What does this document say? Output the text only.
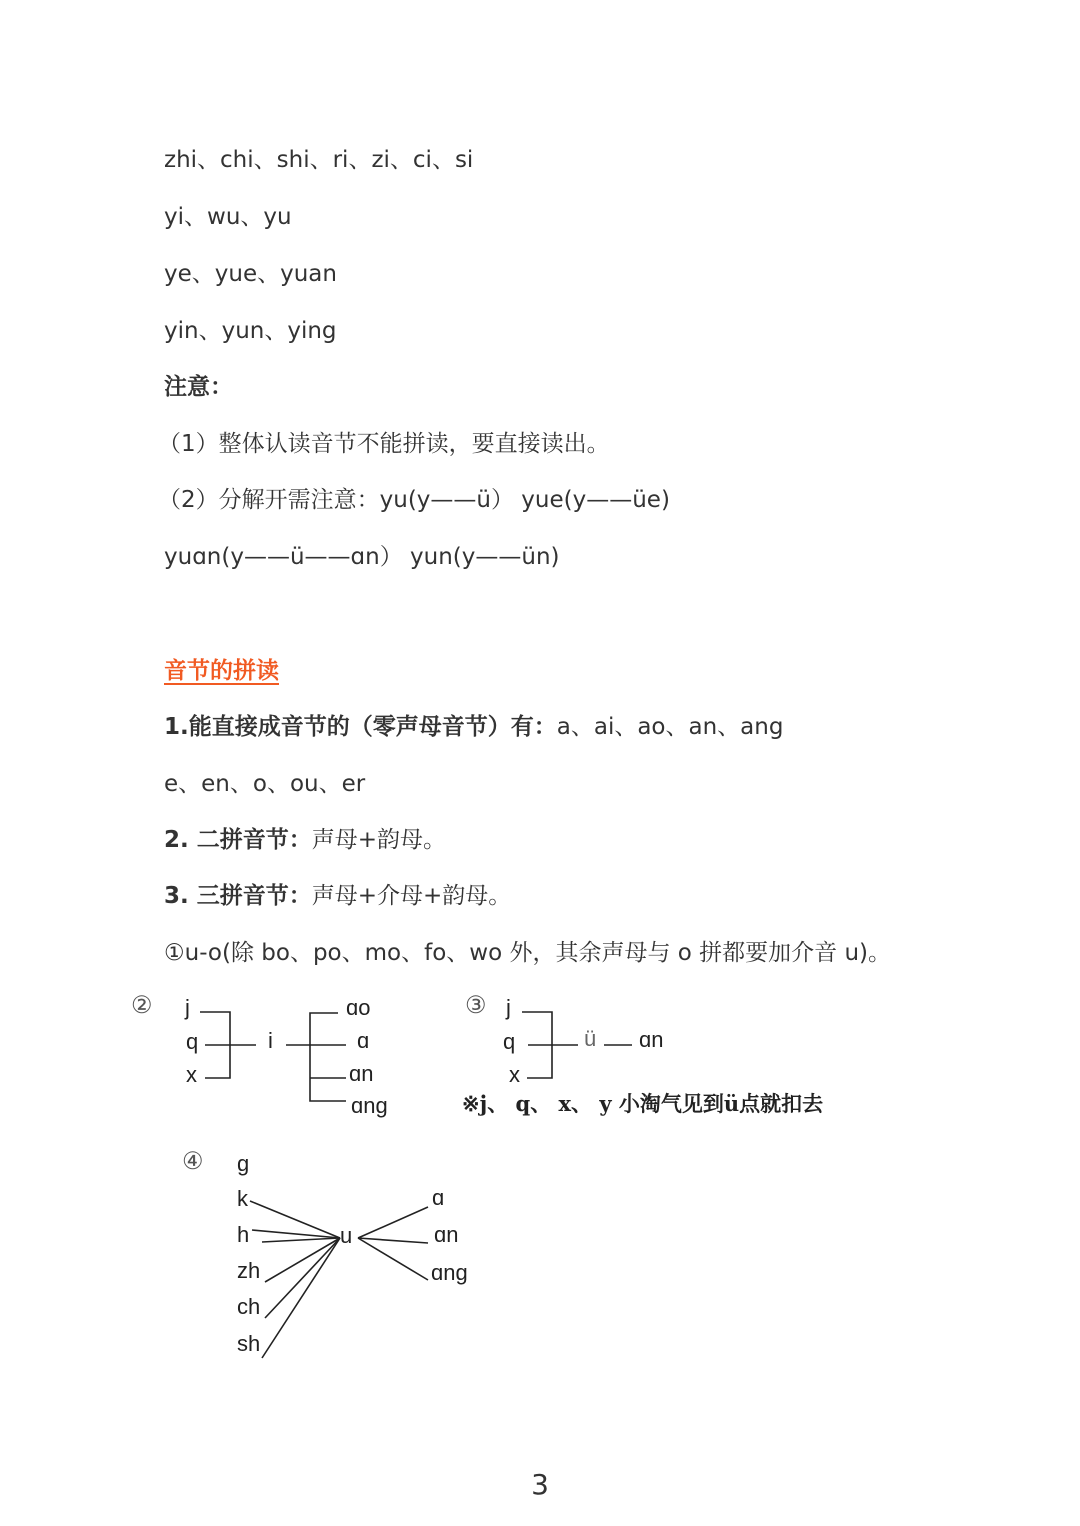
zhi、chi、shi、ri、zi、ci、si
yi、wu、yu
ye、yue、yuan
yin、yun、ying
注意：
（1）整体认读音节不能拼读，要直接读出。
（2）分解开需注意：yu(y——ü） yue(y——üe)
yuɑn(y——ü——ɑn） yun(y——ün)
音节的拼读
1.能直接成音节的（零声母音节）有：a、ai、ao、an、ang
e、en、o、ou、er
2. 二拼音节：声母+韵母。
3. 三拼音节：声母+介母+韵母。
①u-o(除 bo、po、mo、fo、wo 外，其余声母与 o 拼都要加介音 u)。
② j
q
x
i
ɑo
ɑ
ɑn
ɑng
③ j
q
x
ü ɑn
※j、 q、 x、 y 小淘气见到ü点就扣去
④ g
k
h
zh
ch
sh
u
ɑ
ɑn
ɑng
3
